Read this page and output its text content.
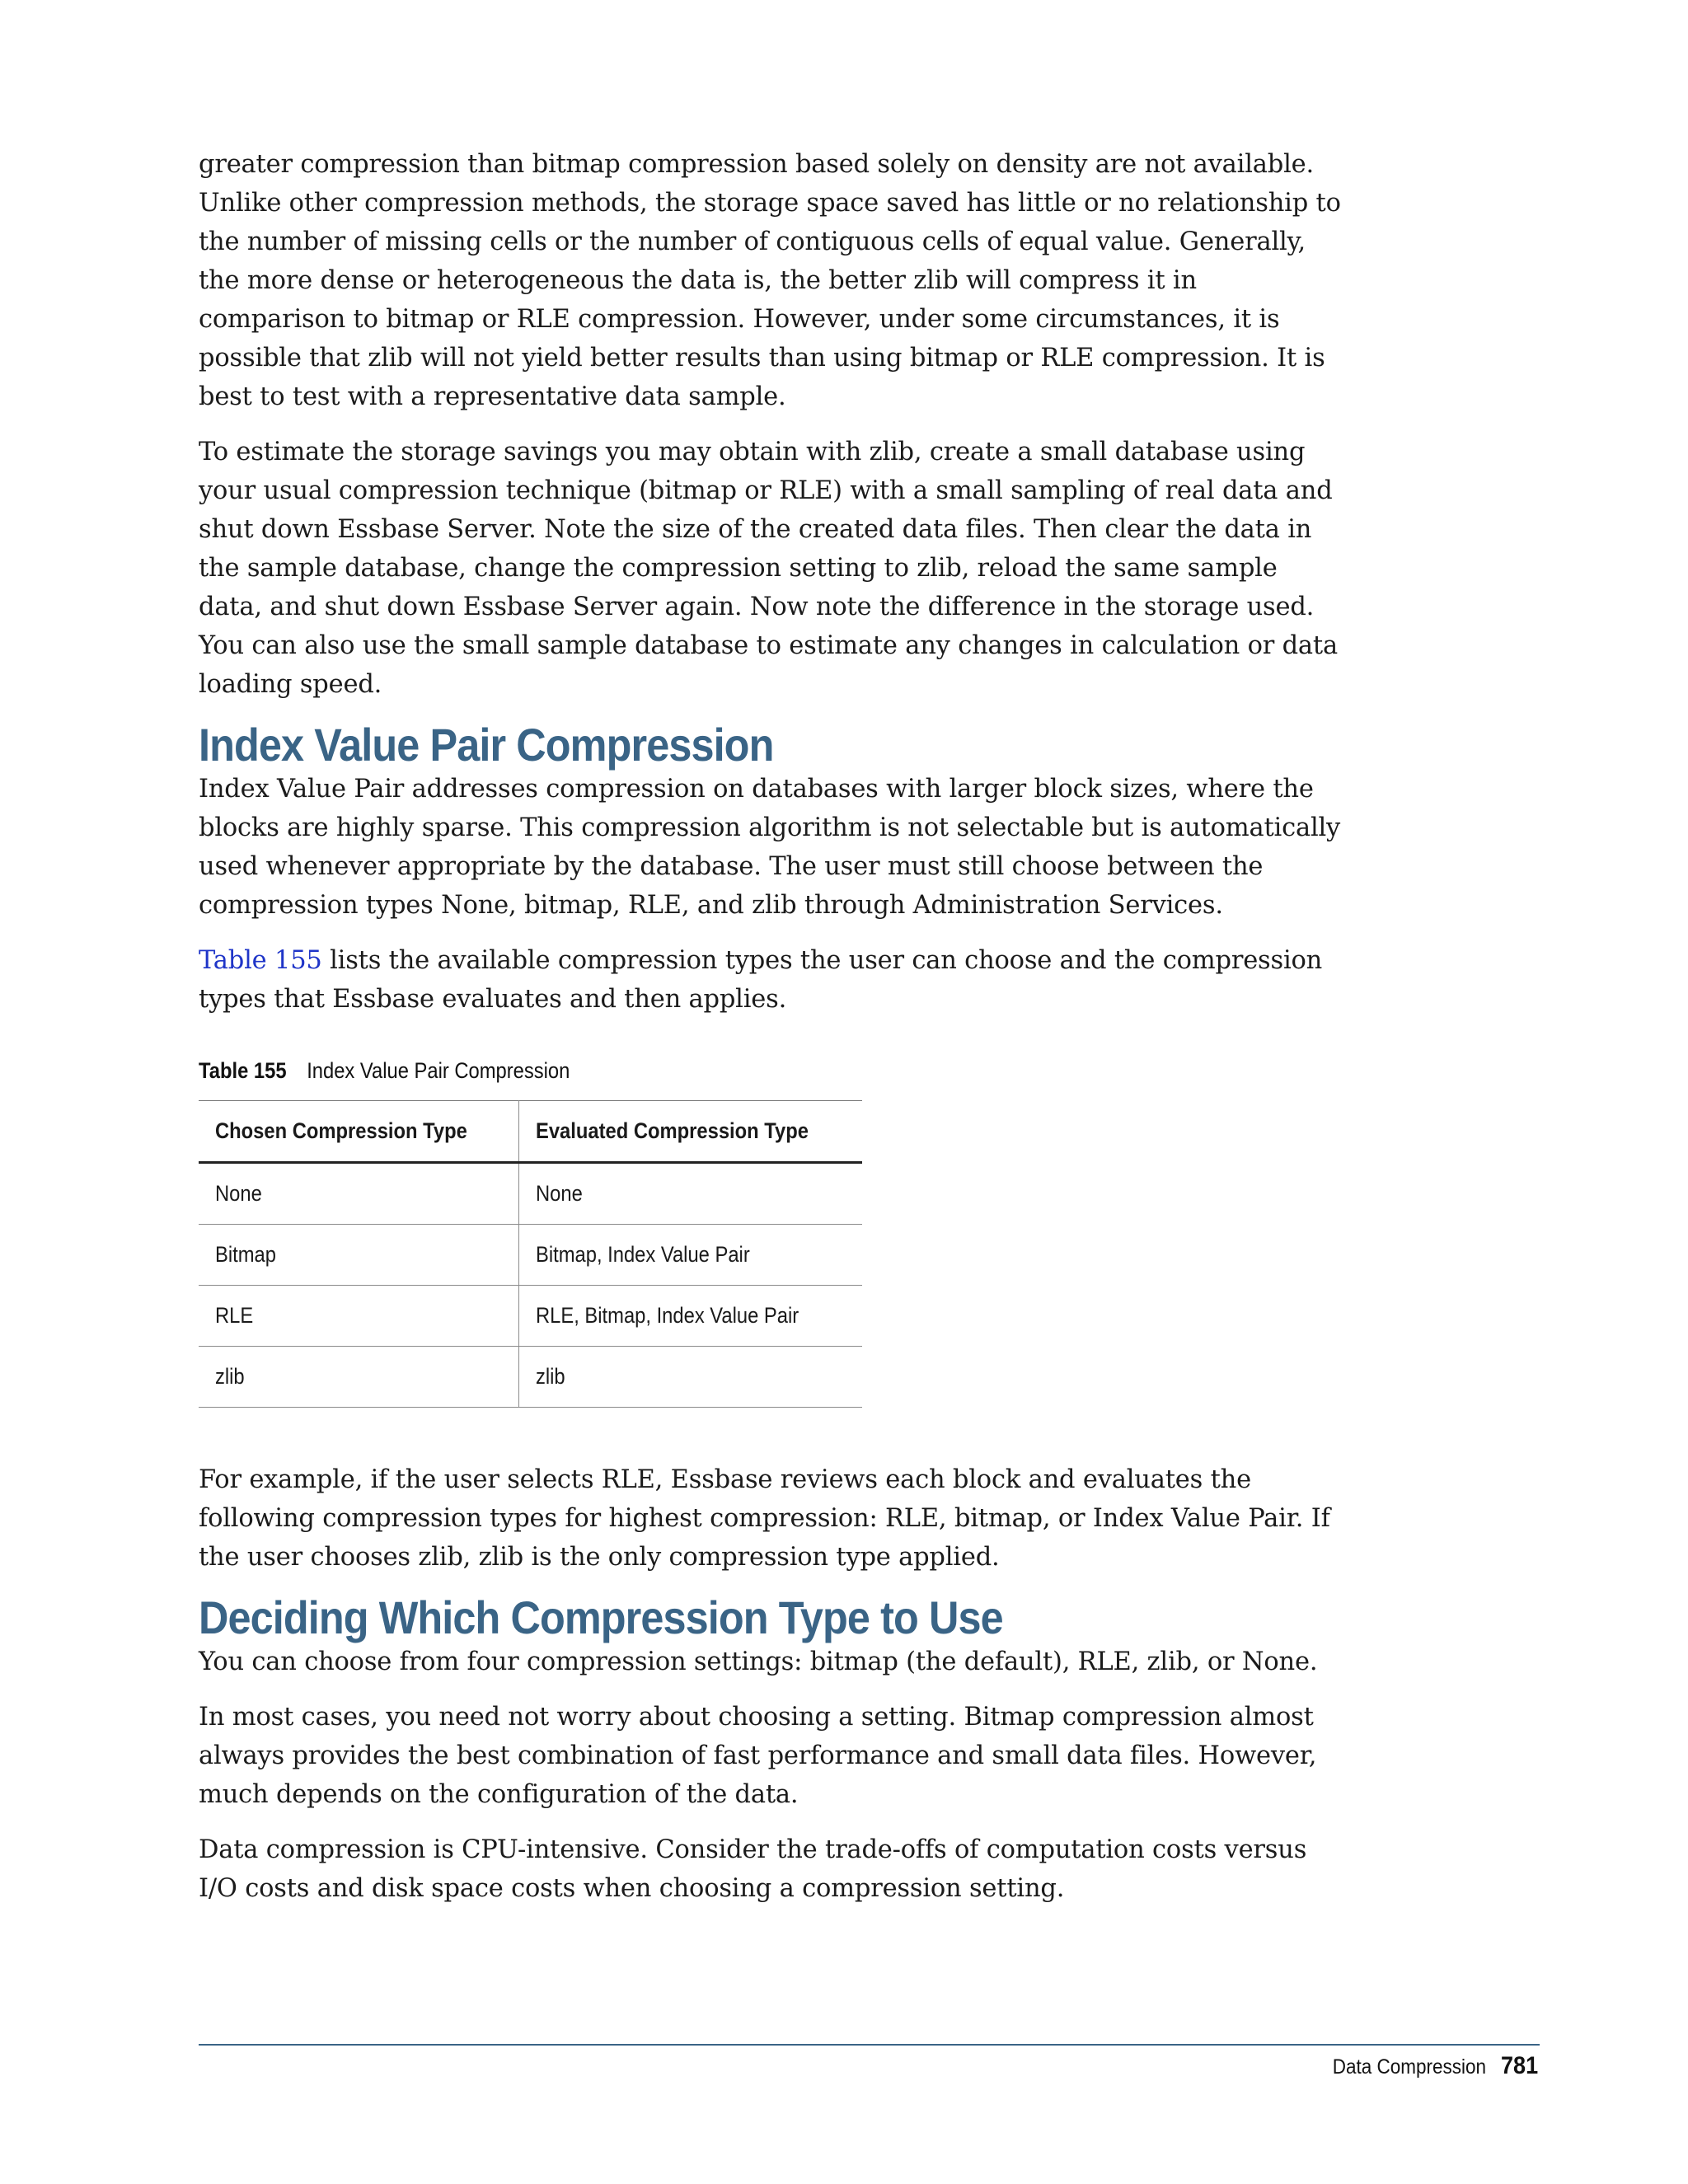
greater compression than bitmap compression based solely on density are not available. Unlike other compression methods, the storage space saved has little or no relationship to the number of missing cells or the number of contiguous cells of equal value. Generally, the more dense or heterogeneous the data is, the better zlib will compress it in comparison to bitmap or RLE compression. However, under some circumstances, it is possible that zlib will not yield better results than using bitmap or RLE compression. It is best to test with a representative data sample.

To estimate the storage savings you may obtain with zlib, create a small database using your usual compression technique (bitmap or RLE) with a small sampling of real data and shut down Essbase Server. Note the size of the created data files. Then clear the data in the sample database, change the compression setting to zlib, reload the same sample data, and shut down Essbase Server again. Now note the difference in the storage used. You can also use the small sample database to estimate any changes in calculation or data loading speed.

Index Value Pair Compression

Index Value Pair addresses compression on databases with larger block sizes, where the blocks are highly sparse. This compression algorithm is not selectable but is automatically used whenever appropriate by the database. The user must still choose between the compression types None, bitmap, RLE, and zlib through Administration Services.

Table 155 lists the available compression types the user can choose and the compression types that Essbase evaluates and then applies.

Table 155 Index Value Pair Compression
Chosen Compression Type	Evaluated Compression Type
None	None
Bitmap	Bitmap, Index Value Pair
RLE	RLE, Bitmap, Index Value Pair
zlib	zlib

For example, if the user selects RLE, Essbase reviews each block and evaluates the following compression types for highest compression: RLE, bitmap, or Index Value Pair. If the user chooses zlib, zlib is the only compression type applied.

Deciding Which Compression Type to Use

You can choose from four compression settings: bitmap (the default), RLE, zlib, or None.

In most cases, you need not worry about choosing a setting. Bitmap compression almost always provides the best combination of fast performance and small data files. However, much depends on the configuration of the data.

Data compression is CPU-intensive. Consider the trade-offs of computation costs versus I/O costs and disk space costs when choosing a compression setting.

Data Compression 781
